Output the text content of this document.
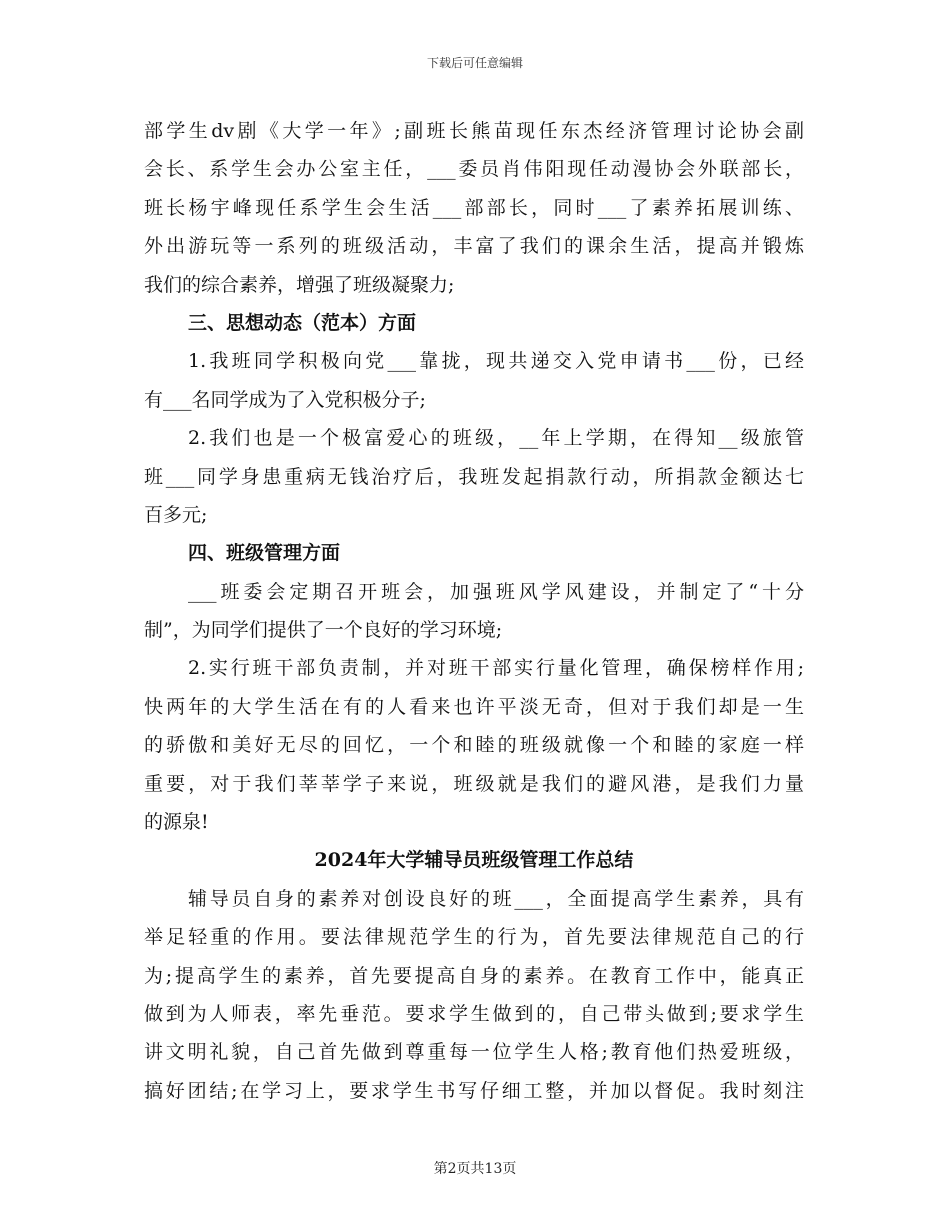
下载后可任意编辑
部学生dv剧《大学一年》;副班长熊苗现任东杰经济管理讨论协会副
会长、系学生会办公室主任，___委员肖伟阳现任动漫协会外联部长，
班长杨宇峰现任系学生会生活___部部长，同时___了素养拓展训练、
外出游玩等一系列的班级活动，丰富了我们的课余生活，提高并锻炼
我们的综合素养，增强了班级凝聚力;
三、思想动态（范本）方面
1.我班同学积极向党___靠拢，现共递交入党申请书___份，已经
有___名同学成为了入党积极分子;
2.我们也是一个极富爱心的班级，__年上学期，在得知__级旅管
班___同学身患重病无钱治疗后，我班发起捐款行动，所捐款金额达七
百多元;
四、班级管理方面
___班委会定期召开班会，加强班风学风建设，并制定了“十分
制”，为同学们提供了一个良好的学习环境;
2.实行班干部负责制，并对班干部实行量化管理，确保榜样作用;
快两年的大学生活在有的人看来也许平淡无奇，但对于我们却是一生
的骄傲和美好无尽的回忆，一个和睦的班级就像一个和睦的家庭一样
重要，对于我们莘莘学子来说，班级就是我们的避风港，是我们力量
的源泉!
2024年大学辅导员班级管理工作总结
辅导员自身的素养对创设良好的班___，全面提高学生素养，具有
举足轻重的作用。要法律规范学生的行为，首先要法律规范自己的行
为;提高学生的素养，首先要提高自身的素养。在教育工作中，能真正
做到为人师表，率先垂范。要求学生做到的，自己带头做到;要求学生
讲文明礼貌，自己首先做到尊重每一位学生人格;教育他们热爱班级，
搞好团结;在学习上，要求学生书写仔细工整，并加以督促。我时刻注
第2页共13页
